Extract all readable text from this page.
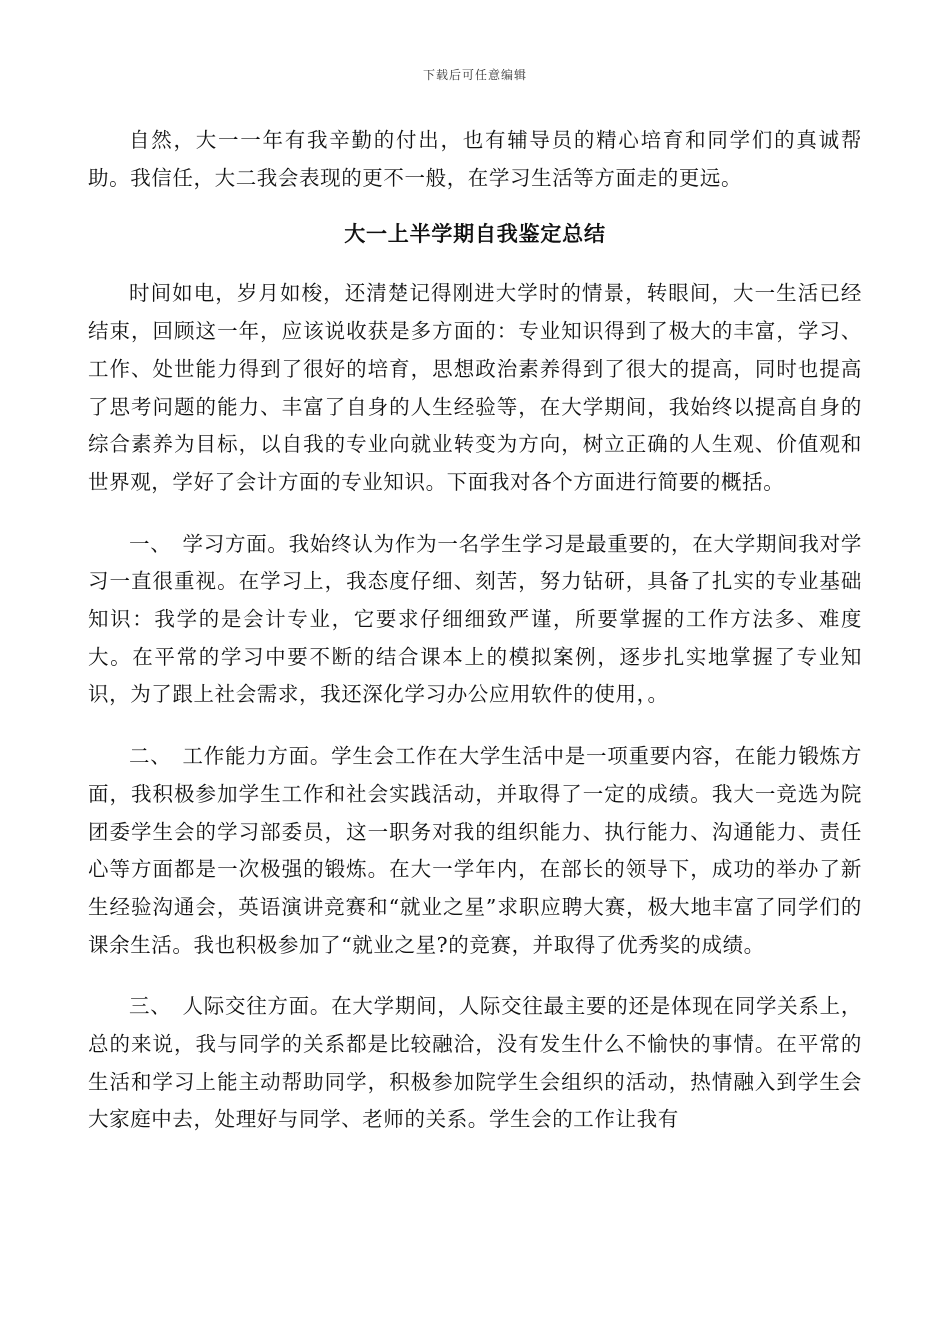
下载后可任意编辑

自然，大一一年有我辛勤的付出，也有辅导员的精心培育和同学们的真诚帮助。我信任，大二我会表现的更不一般，在学习生活等方面走的更远。

大一上半学期自我鉴定总结

时间如电，岁月如梭，还清楚记得刚进大学时的情景，转眼间，大一生活已经结束，回顾这一年，应该说收获是多方面的：专业知识得到了极大的丰富，学习、工作、处世能力得到了很好的培育，思想政治素养得到了很大的提高，同时也提高了思考问题的能力、丰富了自身的人生经验等，在大学期间，我始终以提高自身的综合素养为目标，以自我的专业向就业转变为方向，树立正确的人生观、价值观和世界观，学好了会计方面的专业知识。下面我对各个方面进行简要的概括。

一、　学习方面。我始终认为作为一名学生学习是最重要的，在大学期间我对学习一直很重视。在学习上，我态度仔细、刻苦，努力钻研，具备了扎实的专业基础知识：我学的是会计专业，它要求仔细细致严谨，所要掌握的工作方法多、难度大。在平常的学习中要不断的结合课本上的模拟案例，逐步扎实地掌握了专业知识，为了跟上社会需求，我还深化学习办公应用软件的使用，。

二、　工作能力方面。学生会工作在大学生活中是一项重要内容，在能力锻炼方面，我积极参加学生工作和社会实践活动，并取得了一定的成绩。我大一竞选为院团委学生会的学习部委员，这一职务对我的组织能力、执行能力、沟通能力、责任心等方面都是一次极强的锻炼。在大一学年内，在部长的领导下，成功的举办了新生经验沟通会，英语演讲竞赛和“就业之星”求职应聘大赛，极大地丰富了同学们的课余生活。我也积极参加了“就业之星?的竞赛，并取得了优秀奖的成绩。

三、　人际交往方面。在大学期间，人际交往最主要的还是体现在同学关系上，总的来说，我与同学的关系都是比较融洽，没有发生什么不愉快的事情。在平常的生活和学习上能主动帮助同学，积极参加院学生会组织的活动，热情融入到学生会大家庭中去，处理好与同学、老师的关系。学生会的工作让我有
